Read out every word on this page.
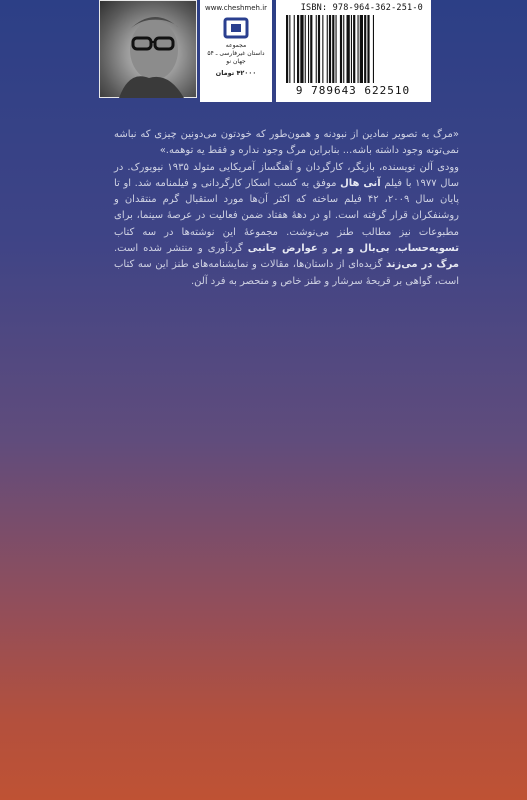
www.cheshmeh.ir
مجموعه
داستان غیرفارسی ـ ۵۴
جهان نو
۴۲۰۰۰ تومان
ISBN: 978-964-362-251-0
9 789643 622510

«مرگ یه تصویر نمادین از نبودنه و همون‌طور که خودتون می‌دونین چیزی که نباشه نمی‌تونه وجود داشته باشه... بنابراین مرگ وجود نداره و فقط یه توهمه.»

وودی آلن نویسنده، بازیگر، کارگردان و آهنگساز آمریکایی متولد ۱۹۳۵ نیویورک. در سال ۱۹۷۷ با فیلم آنی هال موفق به کسب اسکار کارگردانی و فیلمنامه شد. او تا پایان سال ۲۰۰۹، ۴۲ فیلم ساخته که اکثر آن‌ها مورد استقبال گرم منتقدان و روشنفکران قرار گرفته است. او در دهه‌ٔ هفتاد ضمن فعالیت در عرصهٔ سینما، برای مطبوعات نیز مطالب طنز می‌نوشت. مجموعهٔ این نوشته‌ها در سه کتاب تسویه‌حساب، بی‌بال و پر و عوارض جانبی گردآوری و منتشر شده است. مرگ در می‌زند گزیده‌ای از داستان‌ها، مقالات و نمایشنامه‌های طنز این سه کتاب است، گواهی بر قریحهٔ سرشار و طنز خاص و منحصر به فرد آلن.
